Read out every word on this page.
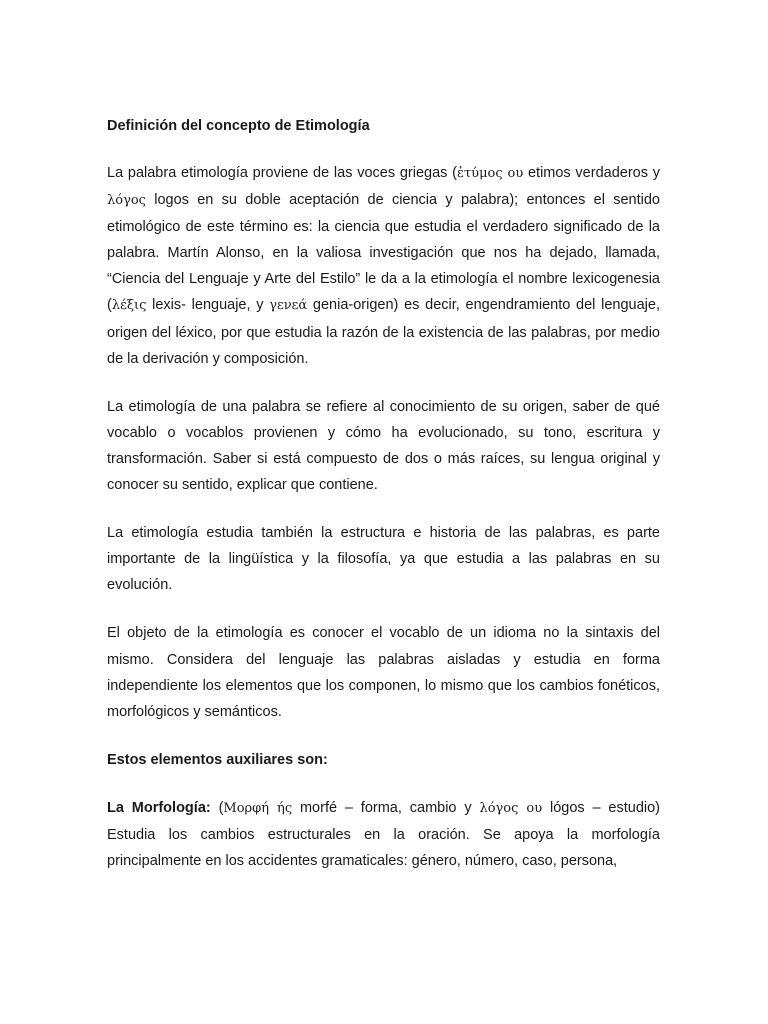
Definición del concepto de Etimología
La palabra etimología proviene de las voces griegas (ἐτύμος ου etimos verdaderos y λόγος logos en su doble aceptación de ciencia y palabra); entonces el sentido etimológico de este término es: la ciencia que estudia el verdadero significado de la palabra. Martín Alonso, en la valiosa investigación que nos ha dejado, llamada, “Ciencia del Lenguaje y Arte del Estilo” le da a la etimología el nombre lexicogenesia (λέξις lexis- lenguaje, y γενεά genia-origen) es decir, engendramiento del lenguaje, origen del léxico, por que estudia la razón de la existencia de las palabras, por medio de la derivación y composición.
La etimología de una palabra se refiere al conocimiento de su origen, saber de qué vocablo o vocablos provienen y cómo ha evolucionado, su tono, escritura y transformación. Saber si está compuesto de dos o más raíces, su lengua original y conocer su sentido, explicar que contiene.
La etimología estudia también la estructura e historia de las palabras, es parte importante de la lingüística y la filosofía, ya que estudia a las palabras en su evolución.
El objeto de la etimología es conocer el vocablo de un idioma no la sintaxis del mismo. Considera del lenguaje las palabras aisladas y estudia en forma independiente los elementos que los componen, lo mismo que los cambios fonéticos, morfológicos y semánticos.
Estos elementos auxiliares son:
La Morfología: (Μορφή ής morfé – forma, cambio y λόγος ου lógos – estudio) Estudia los cambios estructurales en la oración. Se apoya la morfología principalmente en los accidentes gramaticales: género, número, caso, persona,
